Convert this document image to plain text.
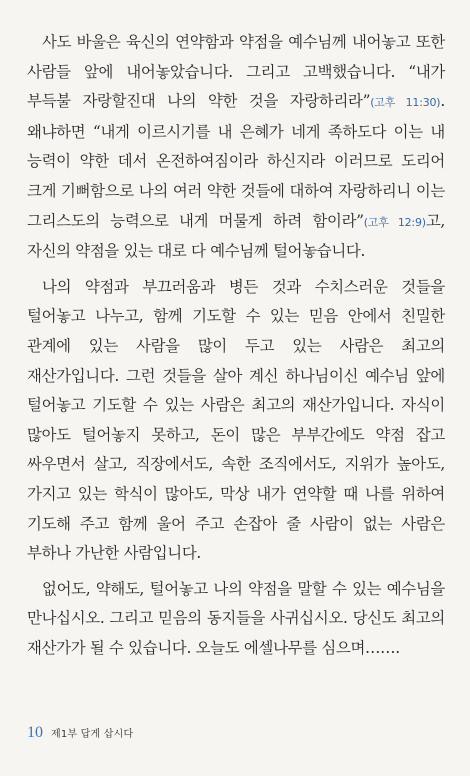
사도 바울은 육신의 연약함과 약점을 예수님께 내어놓고 또한 사람들 앞에 내어놓았습니다. 그리고 고백했습니다. “내가 부득불 자랑할진대 나의 약한 것을 자랑하리라”(고후 11:30). 왜냐하면 “내게 이르시기를 내 은혜가 네게 족하도다 이는 내 능력이 약한 데서 온전하여짐이라 하신지라 이러므로 도리어 크게 기뻐함으로 나의 여러 약한 것들에 대하여 자랑하리니 이는 그리스도의 능력으로 내게 머물게 하려 함이라”(고후 12:9)고, 자신의 약점을 있는 대로 다 예수님께 털어놓습니다.

나의 약점과 부끄러움과 병든 것과 수치스러운 것들을 털어놓고 나누고, 함께 기도할 수 있는 믿음 안에서 친밀한 관계에 있는 사람을 많이 두고 있는 사람은 최고의 재산가입니다. 그런 것들을 살아 계신 하나님이신 예수님 앞에 털어놓고 기도할 수 있는 사람은 최고의 재산가입니다. 자식이 많아도 털어놓지 못하고, 돈이 많은 부부간에도 약점 잡고 싸우면서 살고, 직장에서도, 속한 조직에서도, 지위가 높아도, 가지고 있는 학식이 많아도, 막상 내가 연약할 때 나를 위하여 기도해 주고 함께 울어 주고 손잡아 줄 사람이 없는 사람은 부하나 가난한 사람입니다.

없어도, 약해도, 털어놓고 나의 약점을 말할 수 있는 예수님을 만나십시오. 그리고 믿음의 동지들을 사귀십시오. 당신도 최고의 재산가가 될 수 있습니다. 오늘도 에셀나무를 심으며…….

10 제1부 답게 삽시다
